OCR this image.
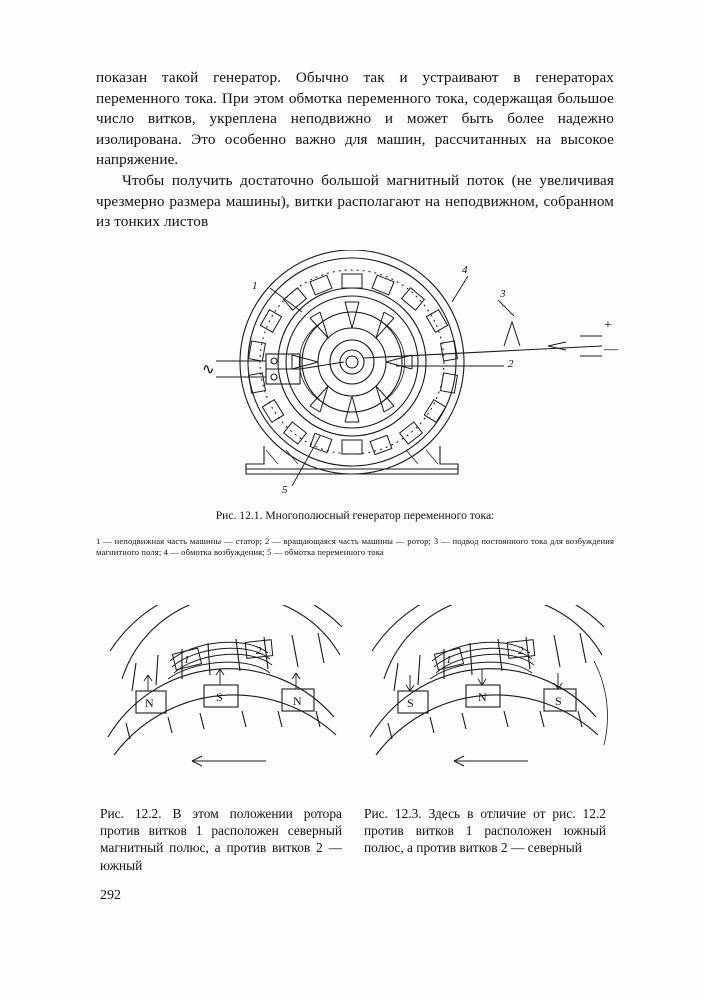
показан такой генератор. Обычно так и устраивают в генераторах переменного тока. При этом обмотка переменного тока, содержащая большое число витков, укреплена неподвижно и может быть более надежно изолирована. Это особенно важно для машин, рассчитанных на высокое напряжение.

Чтобы получить достаточно большой магнитный поток (не увеличивая чрезмерно размера машины), витки располагают на неподвижном, собранном из тонких листов

∿
1
2
3
4
5
+
—
Рис. 12.1. Многополюсный генератор переменного тока:
1 — неподвижная часть машины — статор; 2 — вращающаяся часть машины — ротор; 3 — подвод постоянного тока для возбуждения магнитного поля; 4 — обмотка возбуждения; 5 — обмотка переменного тока
N	S	N	S	N	S
1
2
1
2
Рис. 12.2. В этом положении ротора против витков 1 расположен северный магнитный полюс, а против витков 2 — южный
Рис. 12.3. Здесь в отличие от рис. 12.2 против витков 1 расположен южный полюс, а против витков 2 — северный
292
